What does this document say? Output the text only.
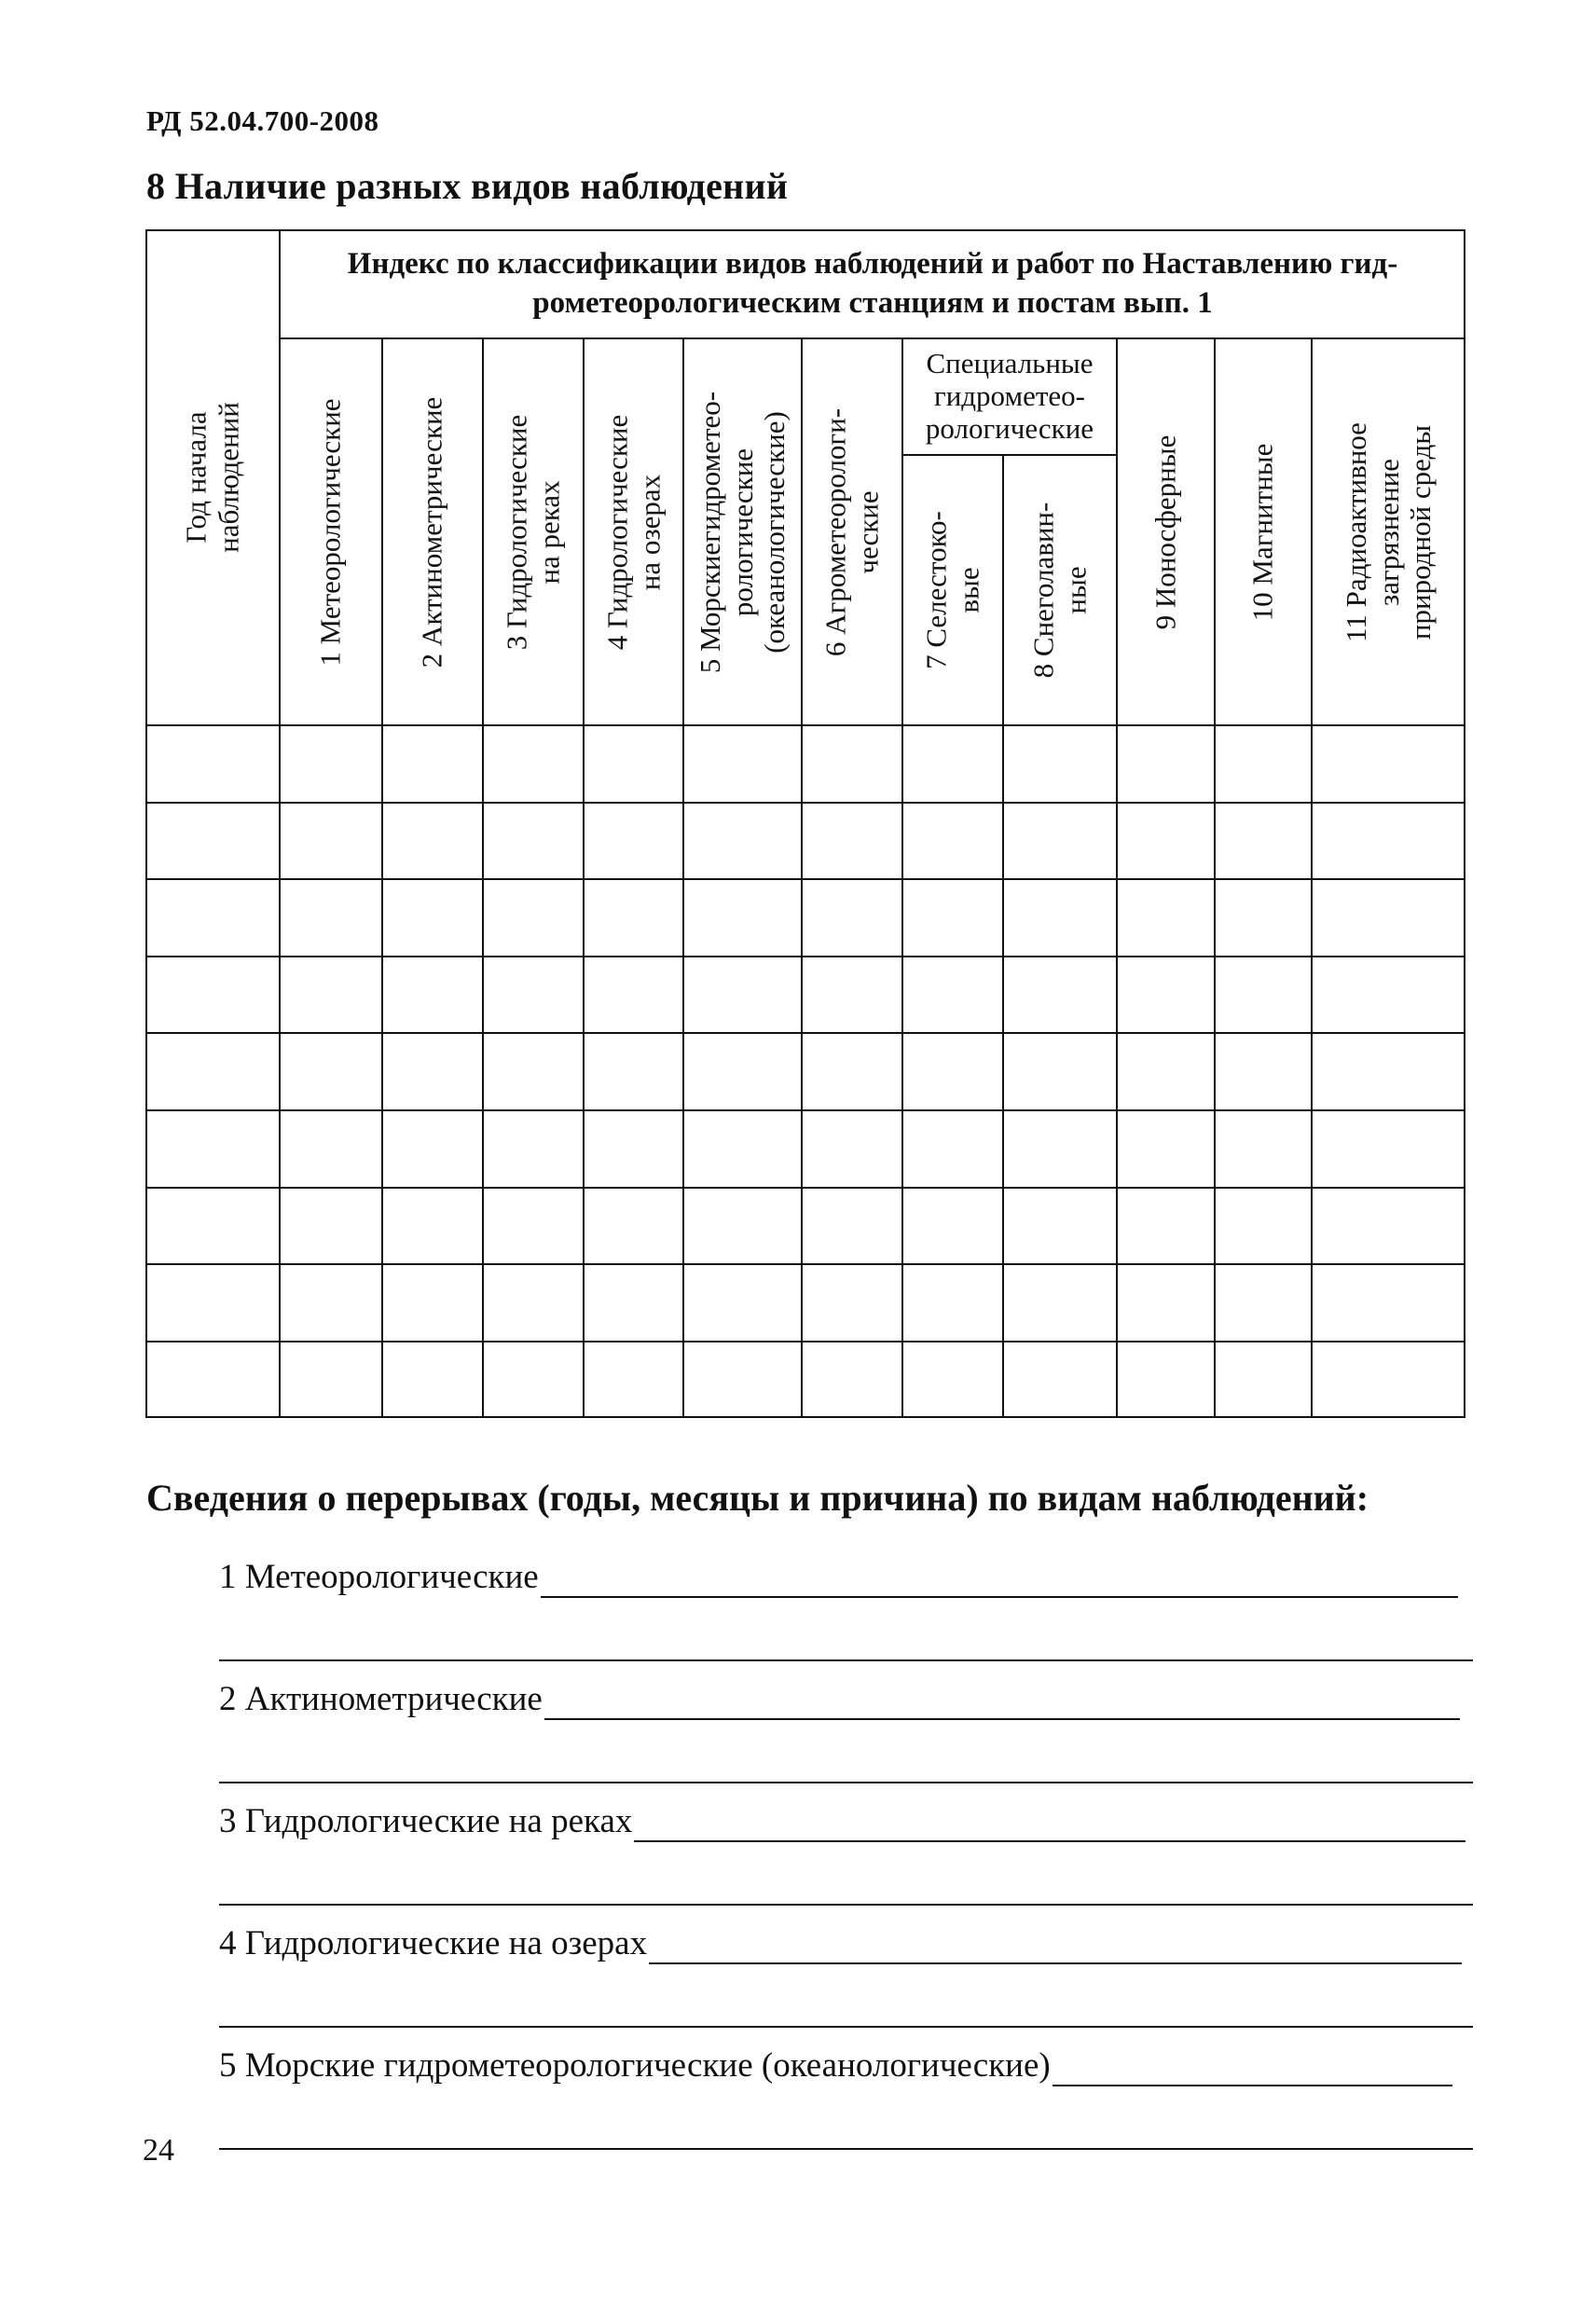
РД 52.04.700-2008
8 Наличие разных видов наблюдений
Год начала наблюдений
Индекс по классификации видов наблюдений и работ по Наставлению гид-
рометеорологическим станциям и постам вып. 1
Специальные
гидрометео-
рологические
1 Метеорологические 2 Актинометрические 3 Гидрологические на реках 4 Гидрологические на озерах 5 Морскиегидрометео- рологические (океанологические) 6 Агрометеорологи- ческие 7 Селестоко- вые 8 Снеголавин- ные 9 Ионосферные 10 Магнитные 11 Радиоактивное загрязнение природной среды
Сведения о перерывах (годы, месяцы и причина) по видам наблюдений:
1 Метеорологические
2 Актинометрические
3 Гидрологические на реках
4 Гидрологические на озерах
5 Морские гидрометеорологические (океанологические)
24
